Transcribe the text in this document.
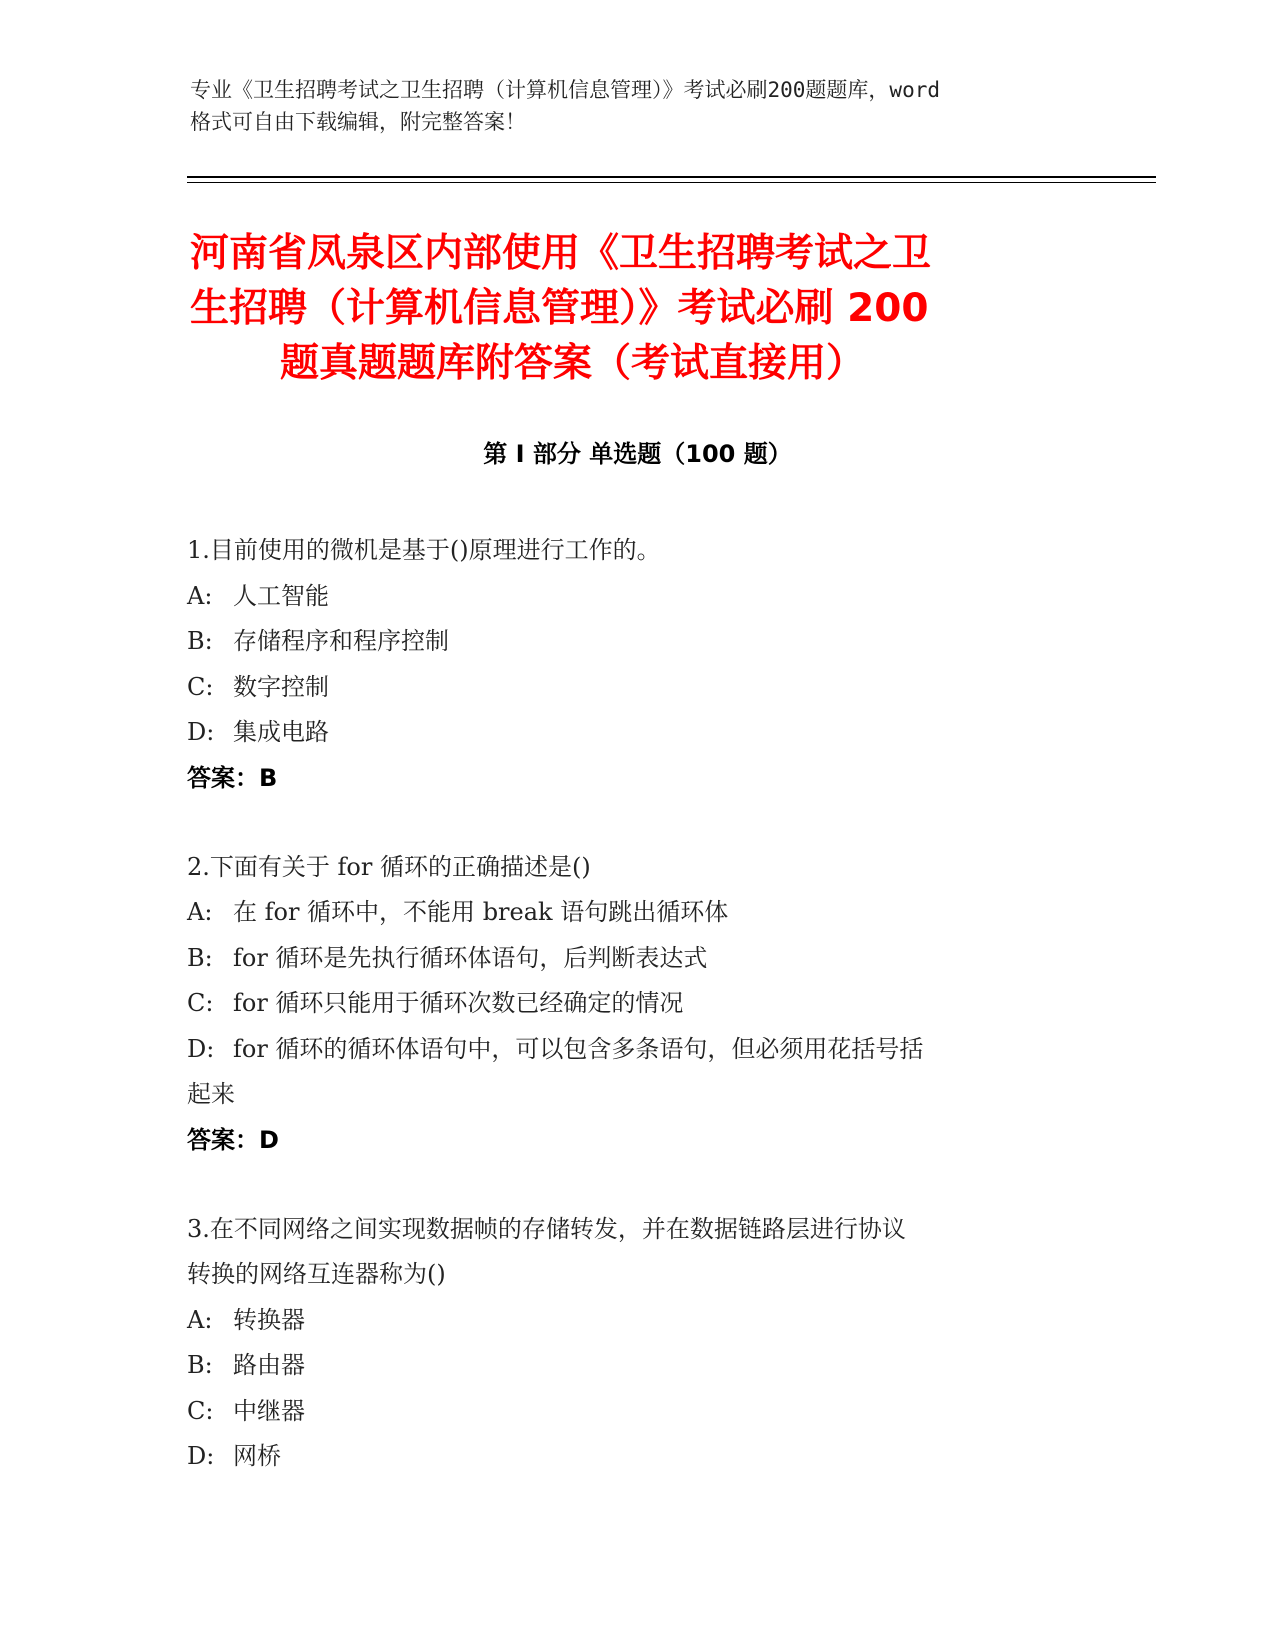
专业《卫生招聘考试之卫生招聘（计算机信息管理）》考试必刷200题题库，word
格式可自由下载编辑，附完整答案！
河南省凤泉区内部使用《卫生招聘考试之卫
生招聘（计算机信息管理）》考试必刷 200
题真题题库附答案（考试直接用）
第 I 部分 单选题（100 题）
1.目前使用的微机是基于()原理进行工作的。
A: 人工智能
B: 存储程序和程序控制
C: 数字控制
D: 集成电路
答案：B
2.下面有关于 for 循环的正确描述是()
A: 在 for 循环中，不能用 break 语句跳出循环体
B: for 循环是先执行循环体语句，后判断表达式
C: for 循环只能用于循环次数已经确定的情况
D: for 循环的循环体语句中，可以包含多条语句，但必须用花括号括
起来
答案：D
3.在不同网络之间实现数据帧的存储转发，并在数据链路层进行协议
转换的网络互连器称为()
A: 转换器
B: 路由器
C: 中继器
D: 网桥
